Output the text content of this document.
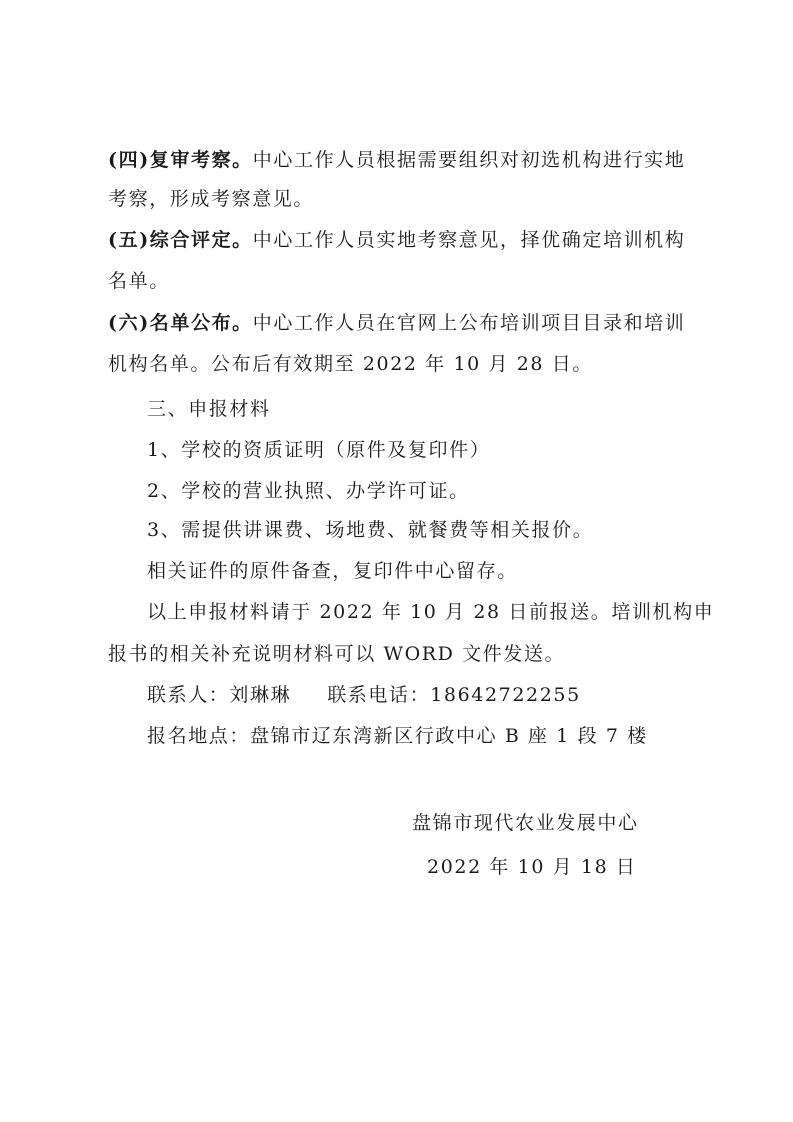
(四)复审考察。中心工作人员根据需要组织对初选机构进行实地
考察，形成考察意见。
(五)综合评定。中心工作人员实地考察意见，择优确定培训机构
名单。
(六)名单公布。中心工作人员在官网上公布培训项目目录和培训
机构名单。公布后有效期至 2022 年 10 月 28 日。
三、申报材料
1、学校的资质证明（原件及复印件）
2、学校的营业执照、办学许可证。
3、需提供讲课费、场地费、就餐费等相关报价。
相关证件的原件备查，复印件中心留存。
以上申报材料请于 2022 年 10 月 28 日前报送。培训机构申
报书的相关补充说明材料可以 WORD 文件发送。
联系人：刘琳琳 联系电话：18642722255
报名地点：盘锦市辽东湾新区行政中心 B 座 1 段 7 楼
盘锦市现代农业发展中心
2022 年 10 月 18 日
